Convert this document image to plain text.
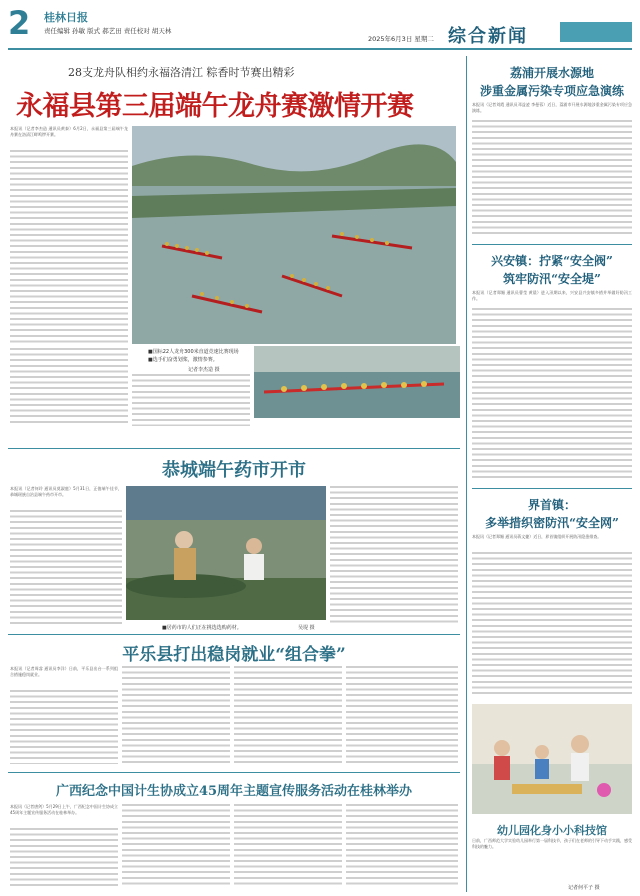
2 桂林日报
责任编辑 孙敏 版式 郝艺田 责任校对 胡天林
2025年6月3日 星期二 综合新闻
28支龙舟队相约永福洛清江 粽香时节赛出精彩
永福县第三届端午龙舟赛激情开赛
本报讯（记者李杰造 通讯员黄泰）6月2日，永福县第三届端午龙舟赛在洛清江畔鸣锣开赛。
■国标22人龙舟300米直道竞速比赛现场
■选手们奋勇划桨，激情参赛。
记者李杰造 摄
恭城端午药市开市
本报讯（记者何玲 通讯员莫淑庭）5月31日，正值端午佳节，恭城瑶族自治县端午药市开市。
■居药市的人们正在挑选选购药材。	吴堤 摄
平乐县打出稳岗就业“组合拳”
本报讯（记者周睿 通讯员李洋）日前，平乐县出台一系列组合措施稳岗就业。
广西纪念中国计生协成立45周年主题宣传服务活动在桂林举办
本报讯（记者唐剑）5月29日上午，广西纪念中国计生协成立45周年主题宣传服务活动在桂林举办。
荔浦开展水源地
涉重金属污染专项应急演练
本报讯（记者刘霞 通讯员邓益凌 李曼蓉）近日，荔浦市开展水源地涉重金属污染专项应急演练。
兴安镇：拧紧“安全阀”
筑牢防汛“安全堤”
本报讯（记者郑媚 通讯员曹莹 黄晨）进入汛期以来，兴安县兴安镇多措并举做好防汛工作。
界首镇：
多举措织密防汛“安全网”
本报讯（记者郑媚 通讯员蒋文捷）近日，界首镇组织开展防汛隐患排查。
幼儿园化身小小科技馆
日前，广西师范大学实验幼儿园举行第一届科技节，孩子们在老师的引导下动手实践，感受科技的魅力。
记者何平子 摄
